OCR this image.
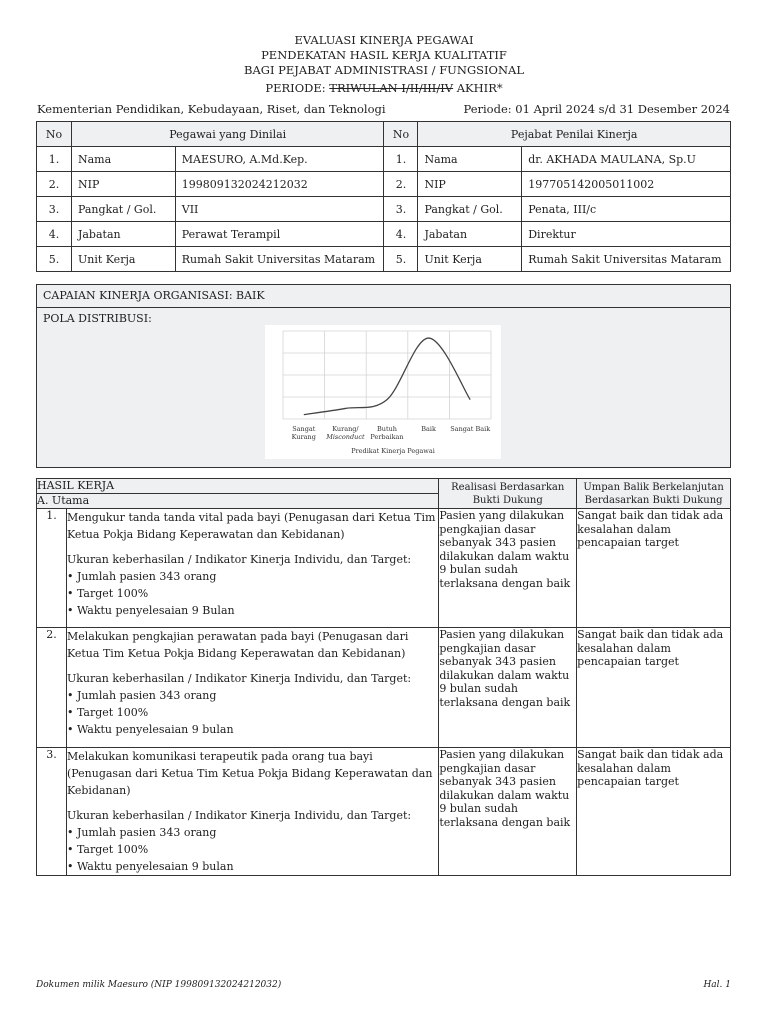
EVALUASI KINERJA PEGAWAI
PENDEKATAN HASIL KERJA KUALITATIF
BAGI PEJABAT ADMINISTRASI / FUNGSIONAL
PERIODE: TRIWULAN I/II/III/IV AKHIR*
Kementerian Pendidikan, Kebudayaan, Riset, dan Teknologi	Periode: 01 April 2024 s/d 31 Desember 2024
No	Pegawai yang Dinilai		No	Pejabat Penilai Kinerja	
1.	Nama	MAESURO, A.Md.Kep.	1.	Nama	dr. AKHADA MAULANA, Sp.U
2.	NIP	199809132024212032	2.	NIP	197705142005011002
3.	Pangkat / Gol.	VII	3.	Pangkat / Gol.	Penata, III/c
4.	Jabatan	Perawat Terampil	4.	Jabatan	Direktur
5.	Unit Kerja	Rumah Sakit Universitas Mataram	5.	Unit Kerja	Rumah Sakit Universitas Mataram
CAPAIAN KINERJA ORGANISASI: BAIK
POLA DISTRIBUSI:
Sangat
Kurang
Kurang/
Misconduct
Butuh
Perbaikan
Baik Sangat Baik
Predikat Kinerja Pegawai
HASIL KERJA		Realisasi Berdasarkan Bukti Dukung	Umpan Balik Berkelanjutan Berdasarkan Bukti Dukung
A. Utama			
1.	Mengukur tanda tanda vital pada bayi (Penugasan dari Ketua Tim Ketua Pokja Bidang Keperawatan dan Kebidanan)

Ukuran keberhasilan / Indikator Kinerja Individu, dan Target:

• Jumlah pasien 343 orang

• Target 100%

• Waktu penyelesaian 9 Bulan	Pasien yang dilakukan pengkajian dasar sebanyak 343 pasien dilakukan dalam waktu 9 bulan sudah terlaksana dengan baik	Sangat baik dan tidak ada kesalahan dalam pencapaian target
2.	Melakukan pengkajian perawatan pada bayi (Penugasan dari Ketua Tim Ketua Pokja Bidang Keperawatan dan Kebidanan)

Ukuran keberhasilan / Indikator Kinerja Individu, dan Target:

• Jumlah pasien 343 orang

• Target 100%

• Waktu penyelesaian 9 bulan	Pasien yang dilakukan pengkajian dasar sebanyak 343 pasien dilakukan dalam waktu 9 bulan sudah terlaksana dengan baik	Sangat baik dan tidak ada kesalahan dalam pencapaian target
3.	Melakukan komunikasi terapeutik pada orang tua bayi (Penugasan dari Ketua Tim Ketua Pokja Bidang Keperawatan dan Kebidanan)

Ukuran keberhasilan / Indikator Kinerja Individu, dan Target:

• Jumlah pasien 343 orang

• Target 100%

• Waktu penyelesaian 9 bulan	Pasien yang dilakukan pengkajian dasar sebanyak 343 pasien dilakukan dalam waktu 9 bulan sudah terlaksana dengan baik	Sangat baik dan tidak ada kesalahan dalam pencapaian target
Dokumen milik Maesuro (NIP 199809132024212032)	Hal. 1
